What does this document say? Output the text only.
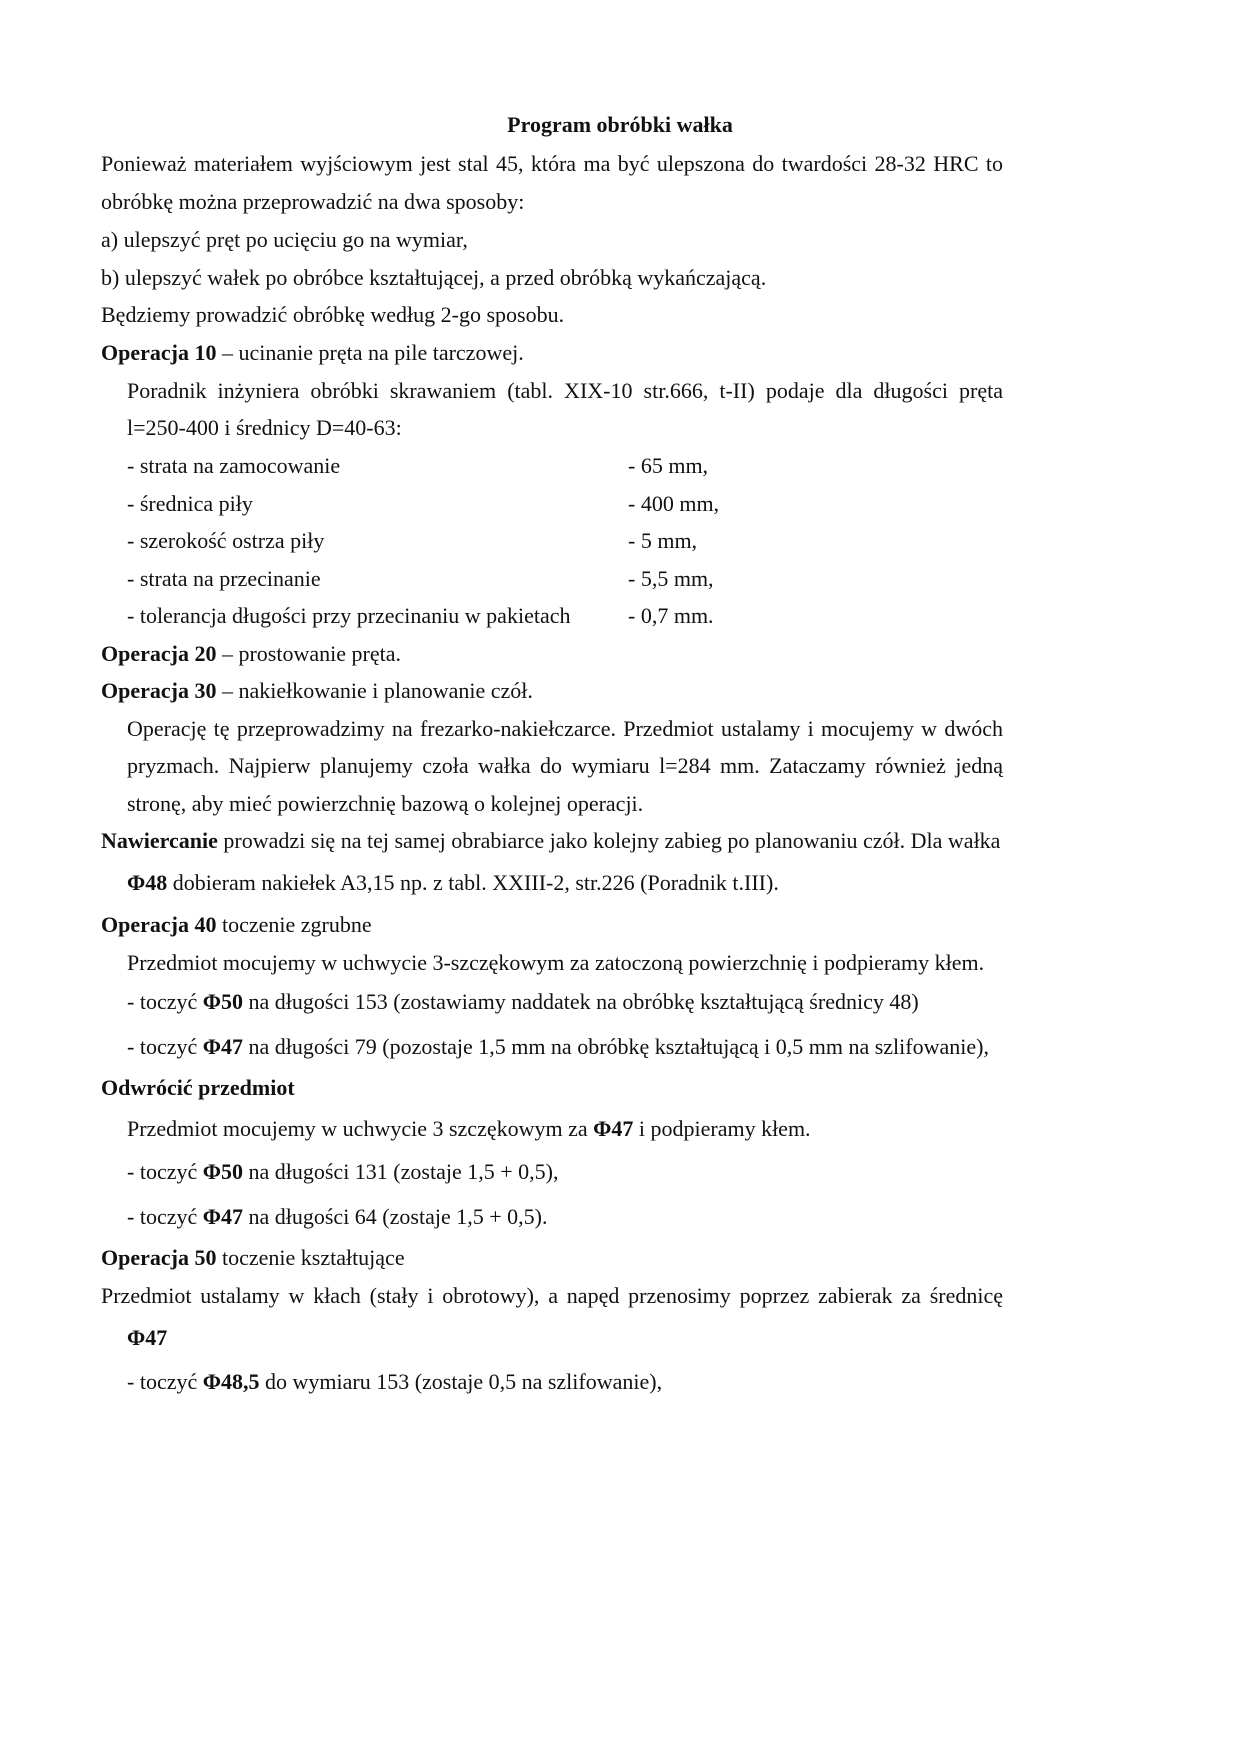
Program obróbki wałka
Ponieważ materiałem wyjściowym jest stal 45, która ma być ulepszona do twardości 28-32 HRC to
obróbkę można przeprowadzić na dwa sposoby:
a) ulepszyć pręt po ucięciu go na wymiar,
b) ulepszyć wałek po obróbce kształtującej, a przed obróbką wykańczającą.
Będziemy prowadzić obróbkę według 2-go sposobu.
Operacja 10 – ucinanie pręta na pile tarczowej.
Poradnik inżyniera obróbki skrawaniem (tabl. XIX-10 str.666, t-II) podaje dla długości pręta
l=250-400 i średnicy D=40-63:
- strata na zamocowanie	- 65 mm,
- średnica piły	- 400 mm,
- szerokość ostrza piły	- 5 mm,
- strata na przecinanie	- 5,5 mm,
- tolerancja długości przy przecinaniu w pakietach	- 0,7 mm.
Operacja 20 – prostowanie pręta.
Operacja 30 – nakiełkowanie i planowanie czół.
Operację tę przeprowadzimy na frezarko-nakiełczarce. Przedmiot ustalamy i mocujemy w dwóch
pryzmach. Najpierw planujemy czoła wałka do wymiaru l=284 mm. Zataczamy również jedną
stronę, aby mieć powierzchnię bazową o kolejnej operacji.
Nawiercanie prowadzi się na tej samej obrabiarce jako kolejny zabieg po planowaniu czół. Dla wałka
Φ48 dobieram nakiełek A3,15 np. z tabl. XXIII-2, str.226 (Poradnik t.III).
Operacja 40 toczenie zgrubne
Przedmiot mocujemy w uchwycie 3-szczękowym za zatoczoną powierzchnię i podpieramy kłem.
- toczyć Φ50 na długości 153 (zostawiamy naddatek na obróbkę kształtującą średnicy 48)
- toczyć Φ47 na długości 79 (pozostaje 1,5 mm na obróbkę kształtującą i 0,5 mm na szlifowanie),
Odwrócić przedmiot
Przedmiot mocujemy w uchwycie 3 szczękowym za Φ47 i podpieramy kłem.
- toczyć Φ50 na długości 131 (zostaje 1,5 + 0,5),
- toczyć Φ47 na długości 64 (zostaje 1,5 + 0,5).
Operacja 50 toczenie kształtujące
Przedmiot ustalamy w kłach (stały i obrotowy), a napęd przenosimy poprzez zabierak za średnicę
Φ47
- toczyć Φ48,5 do wymiaru 153 (zostaje 0,5 na szlifowanie),
